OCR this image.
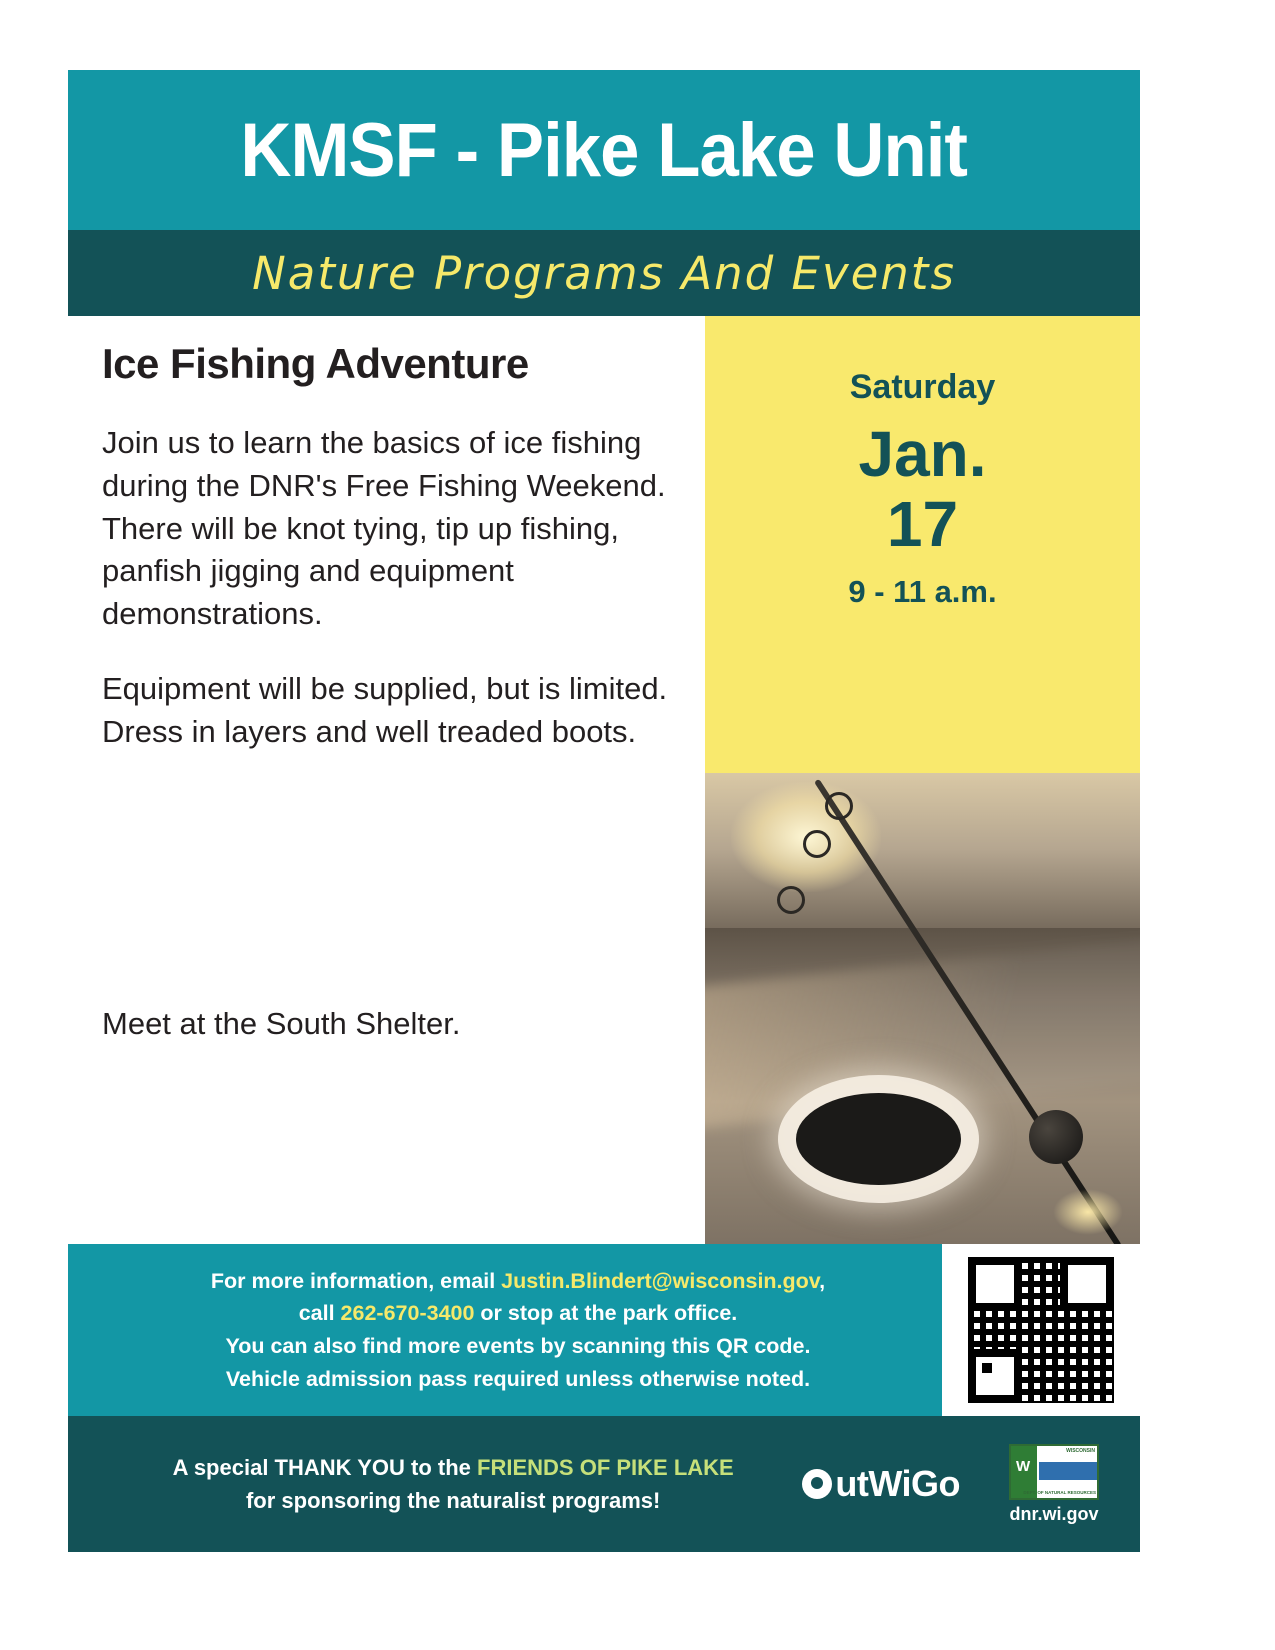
KMSF - Pike Lake Unit
Nature Programs And Events
Ice Fishing Adventure

Join us to learn the basics of ice fishing during the DNR's Free Fishing Weekend. There will be knot tying, tip up fishing, panfish jigging and equipment demonstrations.

Equipment will be supplied, but is limited. Dress in layers and well treaded boots.

Meet at the South Shelter.

Saturday
Jan.
17
9 - 11 a.m.
For more information, email Justin.Blindert@wisconsin.gov,
call 262-670-3400 or stop at the park office.
You can also find more events by scanning this QR code.
Vehicle admission pass required unless otherwise noted.
A special THANK YOU to the FRIENDS OF PIKE LAKE
for sponsoring the naturalist programs!	utWiGo
W
WISCONSIN
DEPT. OF NATURAL RESOURCES
dnr.wi.gov
